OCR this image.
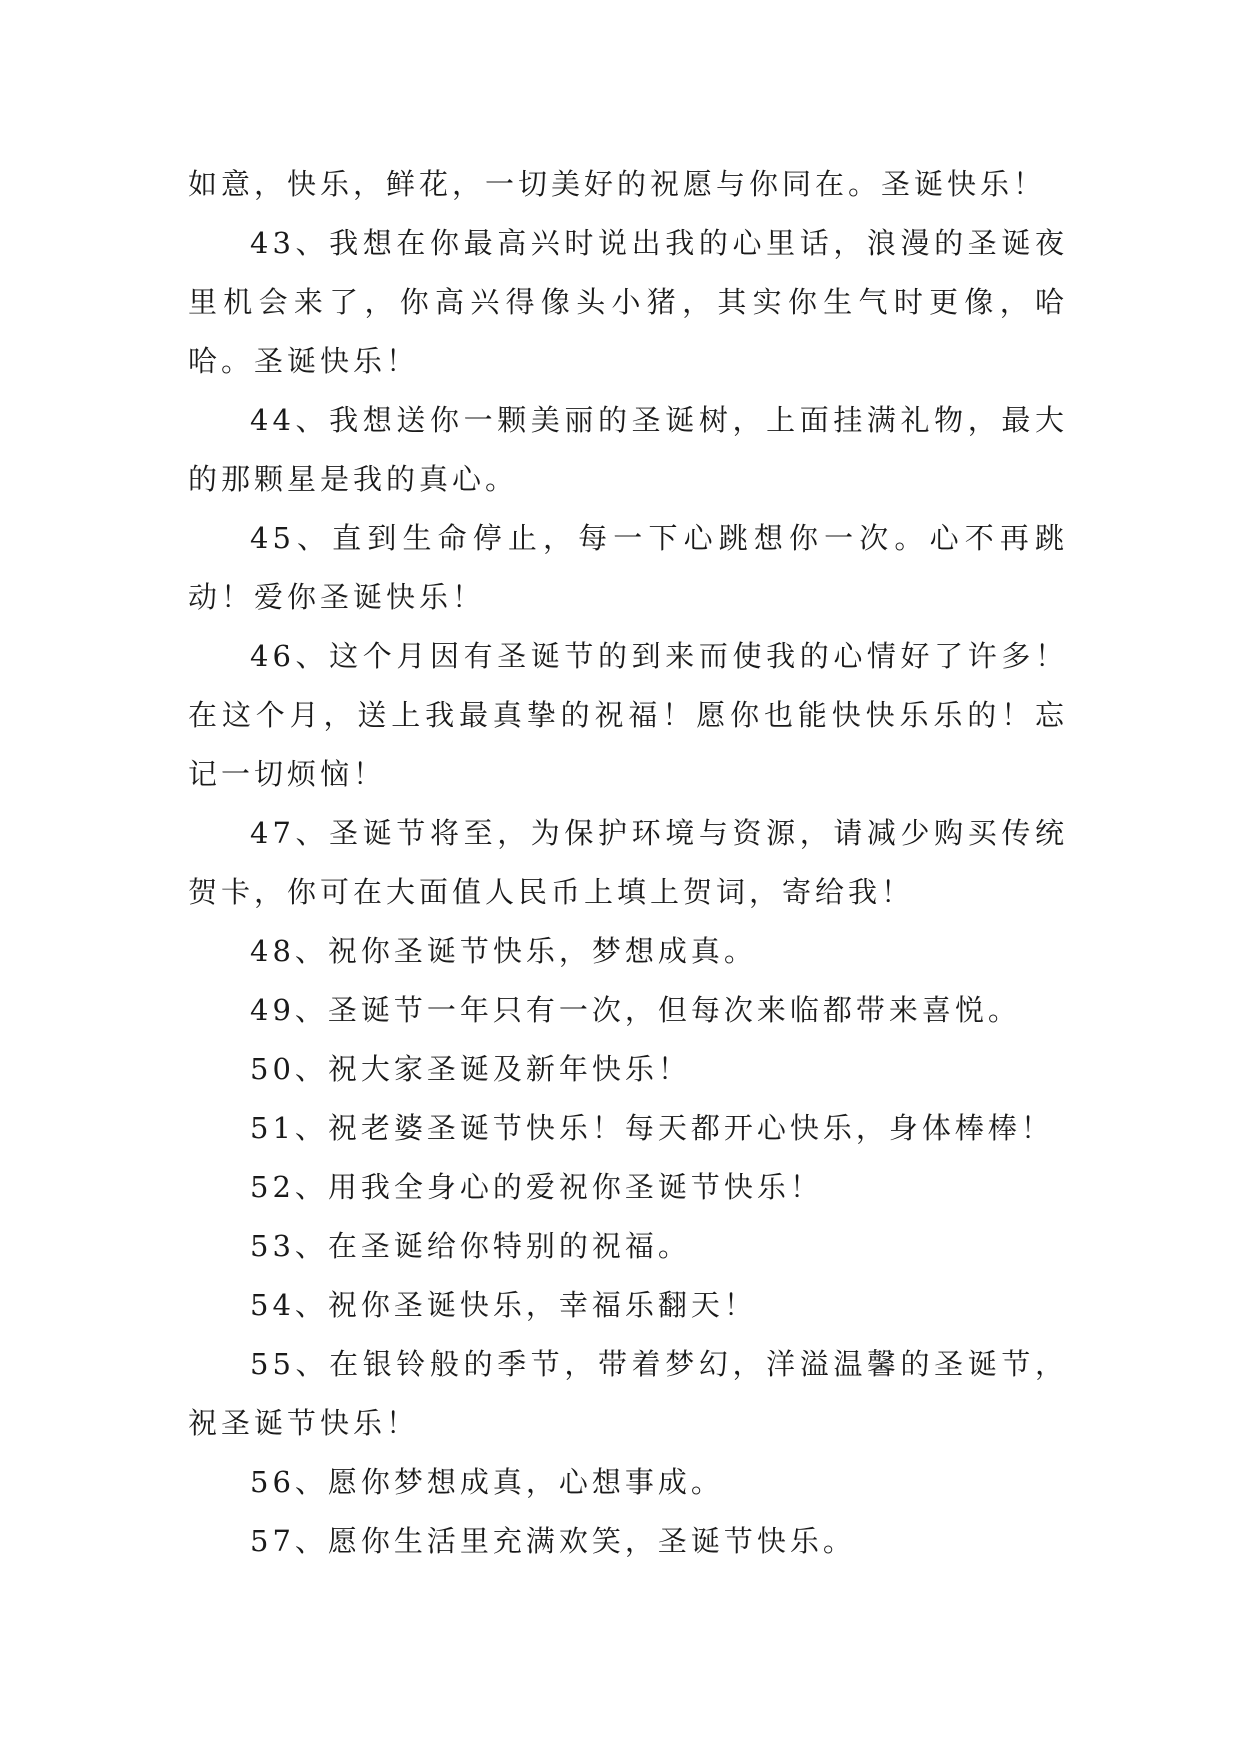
如意，快乐，鲜花，一切美好的祝愿与你同在。圣诞快乐！

43、我想在你最高兴时说出我的心里话，浪漫的圣诞夜里机会来了，你高兴得像头小猪，其实你生气时更像，哈哈。圣诞快乐！

44、我想送你一颗美丽的圣诞树，上面挂满礼物，最大的那颗星是我的真心。

45、直到生命停止，每一下心跳想你一次。心不再跳动！爱你圣诞快乐！

46、这个月因有圣诞节的到来而使我的心情好了许多！在这个月，送上我最真挚的祝福！愿你也能快快乐乐的！忘记一切烦恼！

47、圣诞节将至，为保护环境与资源，请减少购买传统贺卡，你可在大面值人民币上填上贺词，寄给我！

48、祝你圣诞节快乐，梦想成真。

49、圣诞节一年只有一次，但每次来临都带来喜悦。

50、祝大家圣诞及新年快乐！

51、祝老婆圣诞节快乐！每天都开心快乐，身体棒棒！

52、用我全身心的爱祝你圣诞节快乐！

53、在圣诞给你特别的祝福。

54、祝你圣诞快乐，幸福乐翻天！

55、在银铃般的季节，带着梦幻，洋溢温馨的圣诞节，祝圣诞节快乐！

56、愿你梦想成真，心想事成。

57、愿你生活里充满欢笑，圣诞节快乐。
